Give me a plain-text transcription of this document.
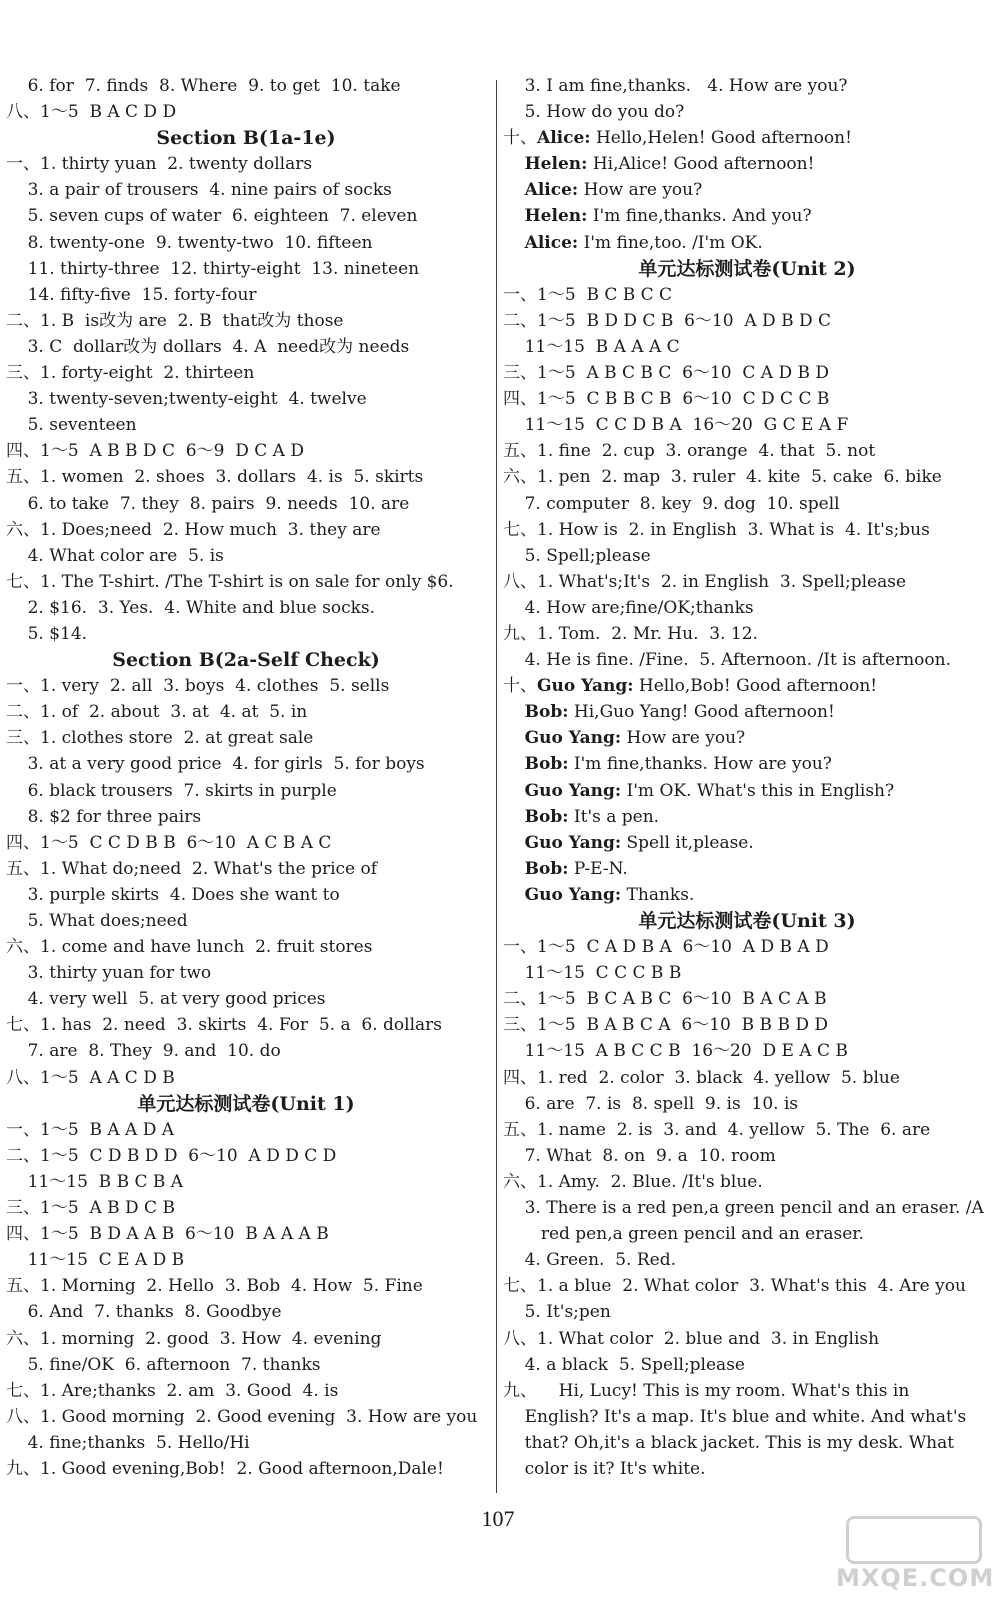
6. for  7. finds  8. Where  9. to get  10. take
八、1～5  B A C D D
Section B(1a-1e)
一、1. thirty yuan  2. twenty dollars
3. a pair of trousers  4. nine pairs of socks
5. seven cups of water  6. eighteen  7. eleven
8. twenty-one  9. twenty-two  10. fifteen
11. thirty-three  12. thirty-eight  13. nineteen
14. fifty-five  15. forty-four
二、1. B  is改为 are  2. B  that改为 those
3. C  dollar改为 dollars  4. A  need改为 needs
三、1. forty-eight  2. thirteen
3. twenty-seven;twenty-eight  4. twelve
5. seventeen
四、1～5  A B B D C  6～9  D C A D
五、1. women  2. shoes  3. dollars  4. is  5. skirts
6. to take  7. they  8. pairs  9. needs  10. are
六、1. Does;need  2. How much  3. they are
4. What color are  5. is
七、1. The T-shirt. /The T-shirt is on sale for only $6.
2. $16.  3. Yes.  4. White and blue socks.
5. $14.
Section B(2a-Self Check)
一、1. very  2. all  3. boys  4. clothes  5. sells
二、1. of  2. about  3. at  4. at  5. in
三、1. clothes store  2. at great sale
3. at a very good price  4. for girls  5. for boys
6. black trousers  7. skirts in purple
8. $2 for three pairs
四、1～5  C C D B B  6～10  A C B A C
五、1. What do;need  2. What's the price of
3. purple skirts  4. Does she want to
5. What does;need
六、1. come and have lunch  2. fruit stores
3. thirty yuan for two
4. very well  5. at very good prices
七、1. has  2. need  3. skirts  4. For  5. a  6. dollars
7. are  8. They  9. and  10. do
八、1～5  A A C D B
单元达标测试卷(Unit 1)
一、1～5  B A A D A
二、1～5  C D B D D  6～10  A D D C D
11～15  B B C B A
三、1～5  A B D C B
四、1～5  B D A A B  6～10  B A A A B
11～15  C E A D B
五、1. Morning  2. Hello  3. Bob  4. How  5. Fine
6. And  7. thanks  8. Goodbye
六、1. morning  2. good  3. How  4. evening
5. fine/OK  6. afternoon  7. thanks
七、1. Are;thanks  2. am  3. Good  4. is
八、1. Good morning  2. Good evening  3. How are you
4. fine;thanks  5. Hello/Hi
九、1. Good evening,Bob!  2. Good afternoon,Dale!
3. I am fine,thanks.   4. How are you?
5. How do you do?
十、Alice: Hello,Helen! Good afternoon!
Helen: Hi,Alice! Good afternoon!
Alice: How are you?
Helen: I'm fine,thanks. And you?
Alice: I'm fine,too. /I'm OK.
单元达标测试卷(Unit 2)
一、1～5  B C B C C
二、1～5  B D D C B  6～10  A D B D C
11～15  B A A A C
三、1～5  A B C B C  6～10  C A D B D
四、1～5  C B B C B  6～10  C D C C B
11～15  C C D B A  16～20  G C E A F
五、1. fine  2. cup  3. orange  4. that  5. not
六、1. pen  2. map  3. ruler  4. kite  5. cake  6. bike
7. computer  8. key  9. dog  10. spell
七、1. How is  2. in English  3. What is  4. It's;bus
5. Spell;please
八、1. What's;It's  2. in English  3. Spell;please
4. How are;fine/OK;thanks
九、1. Tom.  2. Mr. Hu.  3. 12.
4. He is fine. /Fine.  5. Afternoon. /It is afternoon.
十、Guo Yang: Hello,Bob! Good afternoon!
Bob: Hi,Guo Yang! Good afternoon!
Guo Yang: How are you?
Bob: I'm fine,thanks. How are you?
Guo Yang: I'm OK. What's this in English?
Bob: It's a pen.
Guo Yang: Spell it,please.
Bob: P-E-N.
Guo Yang: Thanks.
单元达标测试卷(Unit 3)
一、1～5  C A D B A  6～10  A D B A D
11～15  C C C B B
二、1～5  B C A B C  6～10  B A C A B
三、1～5  B A B C A  6～10  B B B D D
11～15  A B C C B  16～20  D E A C B
四、1. red  2. color  3. black  4. yellow  5. blue
6. are  7. is  8. spell  9. is  10. is
五、1. name  2. is  3. and  4. yellow  5. The  6. are
7. What  8. on  9. a  10. room
六、1. Amy.  2. Blue. /It's blue.
3. There is a red pen,a green pencil and an eraser. /A
red pen,a green pencil and an eraser.
4. Green.  5. Red.
七、1. a blue  2. What color  3. What's this  4. Are you
5. It's;pen
八、1. What color  2. blue and  3. in English
4. a black  5. Spell;please
九、    Hi, Lucy! This is my room. What's this in
English? It's a map. It's blue and white. And what's
that? Oh,it's a black jacket. This is my desk. What
color is it? It's white.
107
MXQE.COM
